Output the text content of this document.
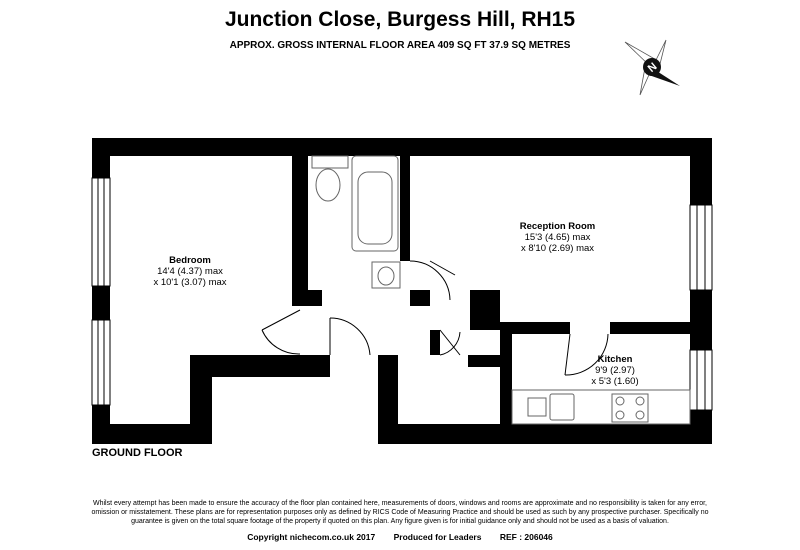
Junction Close, Burgess Hill, RH15
APPROX. GROSS INTERNAL FLOOR AREA 409 SQ FT 37.9 SQ METRES
N
Bedroom
14'4 (4.37) max
x 10'1 (3.07) max
Reception Room
15'3 (4.65) max
x 8'10 (2.69) max
Kitchen
9'9 (2.97)
x 5'3 (1.60)
GROUND FLOOR
Whilst every attempt has been made to ensure the accuracy of the floor plan contained here, measurements of doors, windows and rooms are approximate and no responsibility is taken for any error, omission or misstatement. These plans are for representation purposes only as defined by RICS Code of Measuring Practice and should be used as such by any prospective purchaser. Specifically no guarantee is given on the total square footage of the property if quoted on this plan. Any figure given is for initial guidance only and should not be used as a basis of valuation.
Copyright nichecom.co.uk 2017 Produced for Leaders REF : 206046
